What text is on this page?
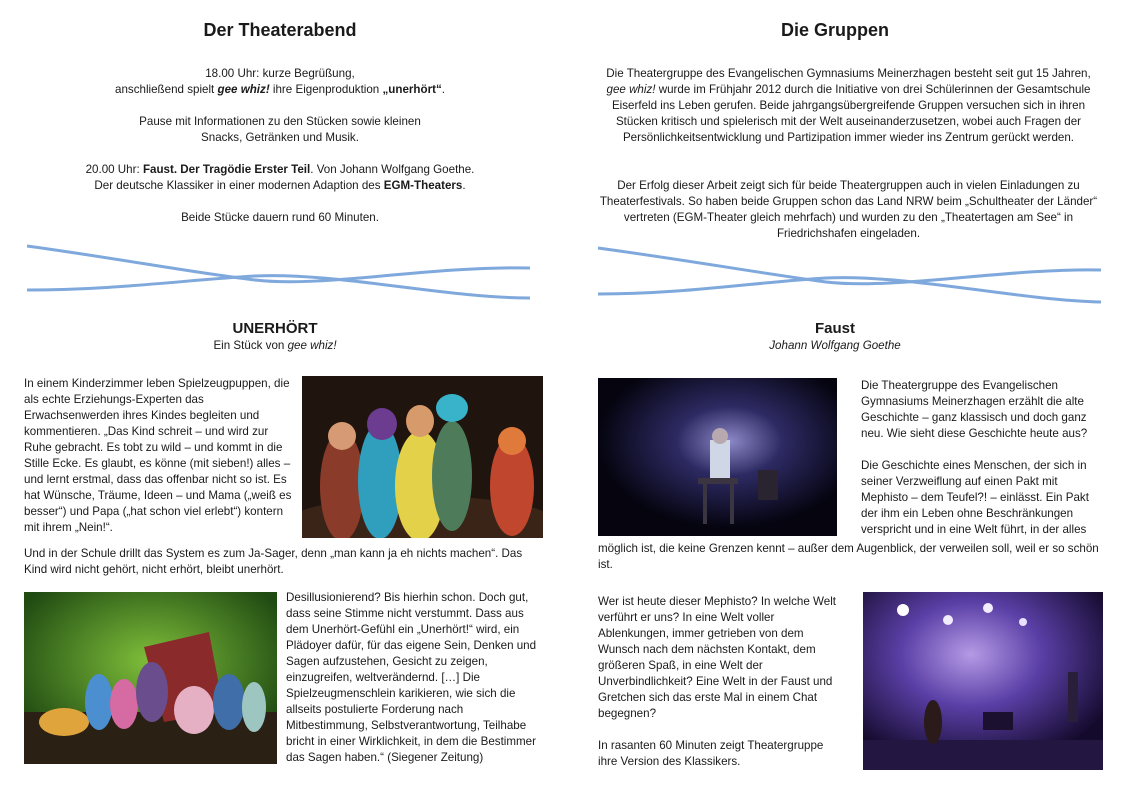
Der Theaterabend
18.00 Uhr: kurze Begrüßung,
anschließend spielt gee whiz! ihre Eigenproduktion „unerhört“.
Pause mit Informationen zu den Stücken sowie kleinen
Snacks, Getränken und Musik.
20.00 Uhr: Faust. Der Tragödie Erster Teil. Von Johann Wolfgang Goethe.
Der deutsche Klassiker in einer modernen Adaption des EGM-Theaters.
Beide Stücke dauern rund 60 Minuten.
UNERHÖRT
Ein Stück von gee whiz!
In einem Kinderzimmer leben Spielzeugpuppen, die als echte Erziehungs-Experten das Erwachsenwerden ihres Kindes begleiten und kommentieren. „Das Kind schreit – und wird zur Ruhe gebracht. Es tobt zu wild – und kommt in die Stille Ecke. Es glaubt, es könne (mit sieben!) alles – und lernt erstmal, dass das offenbar nicht so ist. Es hat Wünsche, Träume, Ideen – und Mama („weiß es besser“) und Papa („hat schon viel erlebt“) kontern mit ihrem „Nein!“.
Und in der Schule drillt das System es zum Ja-Sager, denn „man kann ja eh nichts machen“. Das Kind wird nicht gehört, nicht erhört, bleibt unerhört.
Desillusionierend? Bis hierhin schon. Doch gut, dass seine Stimme nicht verstummt. Dass aus dem Unerhört-Gefühl ein „Unerhört!“ wird, ein Plädoyer dafür, für das eigene Sein, Denken und Sagen aufzustehen, Gesicht zu zeigen, einzugreifen, weltverändernd. […] Die Spielzeugmenschlein karikieren, wie sich die allseits postulierte Forderung nach Mitbestimmung, Selbstverantwortung, Teilhabe bricht in einer Wirklichkeit, in dem die Bestimmer das Sagen haben.“ (Siegener Zeitung)
Die Gruppen
Die Theatergruppe des Evangelischen Gymnasiums Meinerzhagen besteht seit gut 15 Jahren,
gee whiz! wurde im Frühjahr 2012 durch die Initiative von drei Schülerinnen der Gesamtschule Eiserfeld ins Leben gerufen. Beide jahrgangsübergreifende Gruppen versuchen sich in ihren Stücken kritisch und spielerisch mit der Welt auseinanderzusetzen, wobei auch Fragen der Persönlichkeitsentwicklung und Partizipation immer wieder ins Zentrum gerückt werden.
Der Erfolg dieser Arbeit zeigt sich für beide Theatergruppen auch in vielen Einladungen zu Theaterfestivals. So haben beide Gruppen schon das Land NRW beim „Schultheater der Länder“ vertreten (EGM-Theater gleich mehrfach) und wurden zu den „Theatertagen am See“ in Friedrichshafen eingeladen.
Faust
Johann Wolfgang Goethe
Die Theatergruppe des Evangelischen Gymnasiums Meinerzhagen erzählt die alte Geschichte – ganz klassisch und doch ganz neu. Wie sieht diese Geschichte heute aus?
Die Geschichte eines Menschen, der sich in seiner Verzweiflung auf einen Pakt mit Mephisto – dem Teufel?! – einlässt. Ein Pakt der ihm ein Leben ohne Beschränkungen verspricht und in eine Welt führt, in der alles
möglich ist, die keine Grenzen kennt – außer dem Augenblick, der verweilen soll, weil er so schön ist.
Wer ist heute dieser Mephisto? In welche Welt verführt er uns? In eine Welt voller Ablenkungen, immer getrieben von dem Wunsch nach dem nächsten Kontakt, dem größeren Spaß, in eine Welt der Unverbindlichkeit? Eine Welt in der Faust und Gretchen sich das erste Mal in einem Chat begegnen?
In rasanten 60 Minuten zeigt Theatergruppe ihre Version des Klassikers.
